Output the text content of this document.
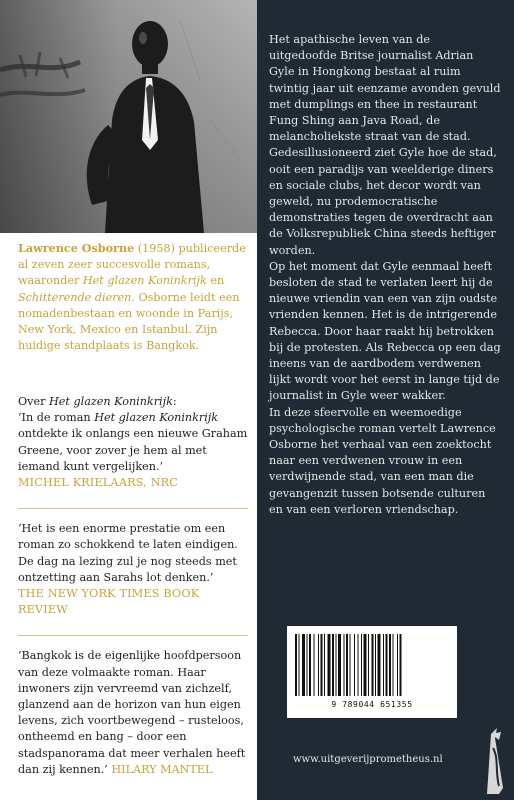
Lawrence Osborne (1958) publiceerde al zeven zeer succesvolle romans, waaronder Het glazen Koninkrijk en Schitterende dieren. Osborne leidt een nomadenbestaan en woonde in Parijs, New York, Mexico en Istanbul. Zijn huidige standplaats is Bangkok.
Over Het glazen Koninkrijk:
‘In de roman Het glazen Koninkrijk ontdekte ik onlangs een nieuwe Graham Greene, voor zover je hem al met iemand kunt vergelijken.’
MICHEL KRIELAARS, NRC
‘Het is een enorme prestatie om een roman zo schokkend te laten eindigen. De dag na lezing zul je nog steeds met ontzetting aan Sarahs lot denken.’
THE NEW YORK TIMES BOOK REVIEW
‘Bangkok is de eigenlijke hoofdpersoon van deze volmaakte roman. Haar inwoners zijn vervreemd van zichzelf, glanzend aan de horizon van hun eigen levens, zich voortbewegend – rusteloos, ontheemd en bang – door een stadspanorama dat meer verhalen heeft dan zij kennen.’ HILARY MANTEL

Het apathische leven van de uitgedoofde Britse journalist Adrian Gyle in Hongkong bestaat al ruim twintig jaar uit eenzame avonden gevuld met dumplings en thee in restaurant Fung Shing aan Java Road, de melancholiekste straat van de stad. Gedesillusioneerd ziet Gyle hoe de stad, ooit een paradijs van weelderige diners en sociale clubs, het decor wordt van geweld, nu prodemocratische demonstraties tegen de overdracht aan de Volksrepubliek China steeds heftiger worden.

Op het moment dat Gyle eenmaal heeft besloten de stad te verlaten leert hij de nieuwe vriendin van een van zijn oudste vrienden kennen. Het is de intrigerende Rebecca. Door haar raakt hij betrokken bij de protesten. Als Rebecca op een dag ineens van de aardbodem verdwenen lijkt wordt voor het eerst in lange tijd de journalist in Gyle weer wakker.

In deze sfeervolle en weemoedige psychologische roman vertelt Lawrence Osborne het verhaal van een zoektocht naar een verdwenen vrouw in een verdwijnende stad, van een man die gevangenzit tussen botsende culturen en van een verloren vriendschap.

9 789044 651355
www.uitgeverijprometheus.nl
